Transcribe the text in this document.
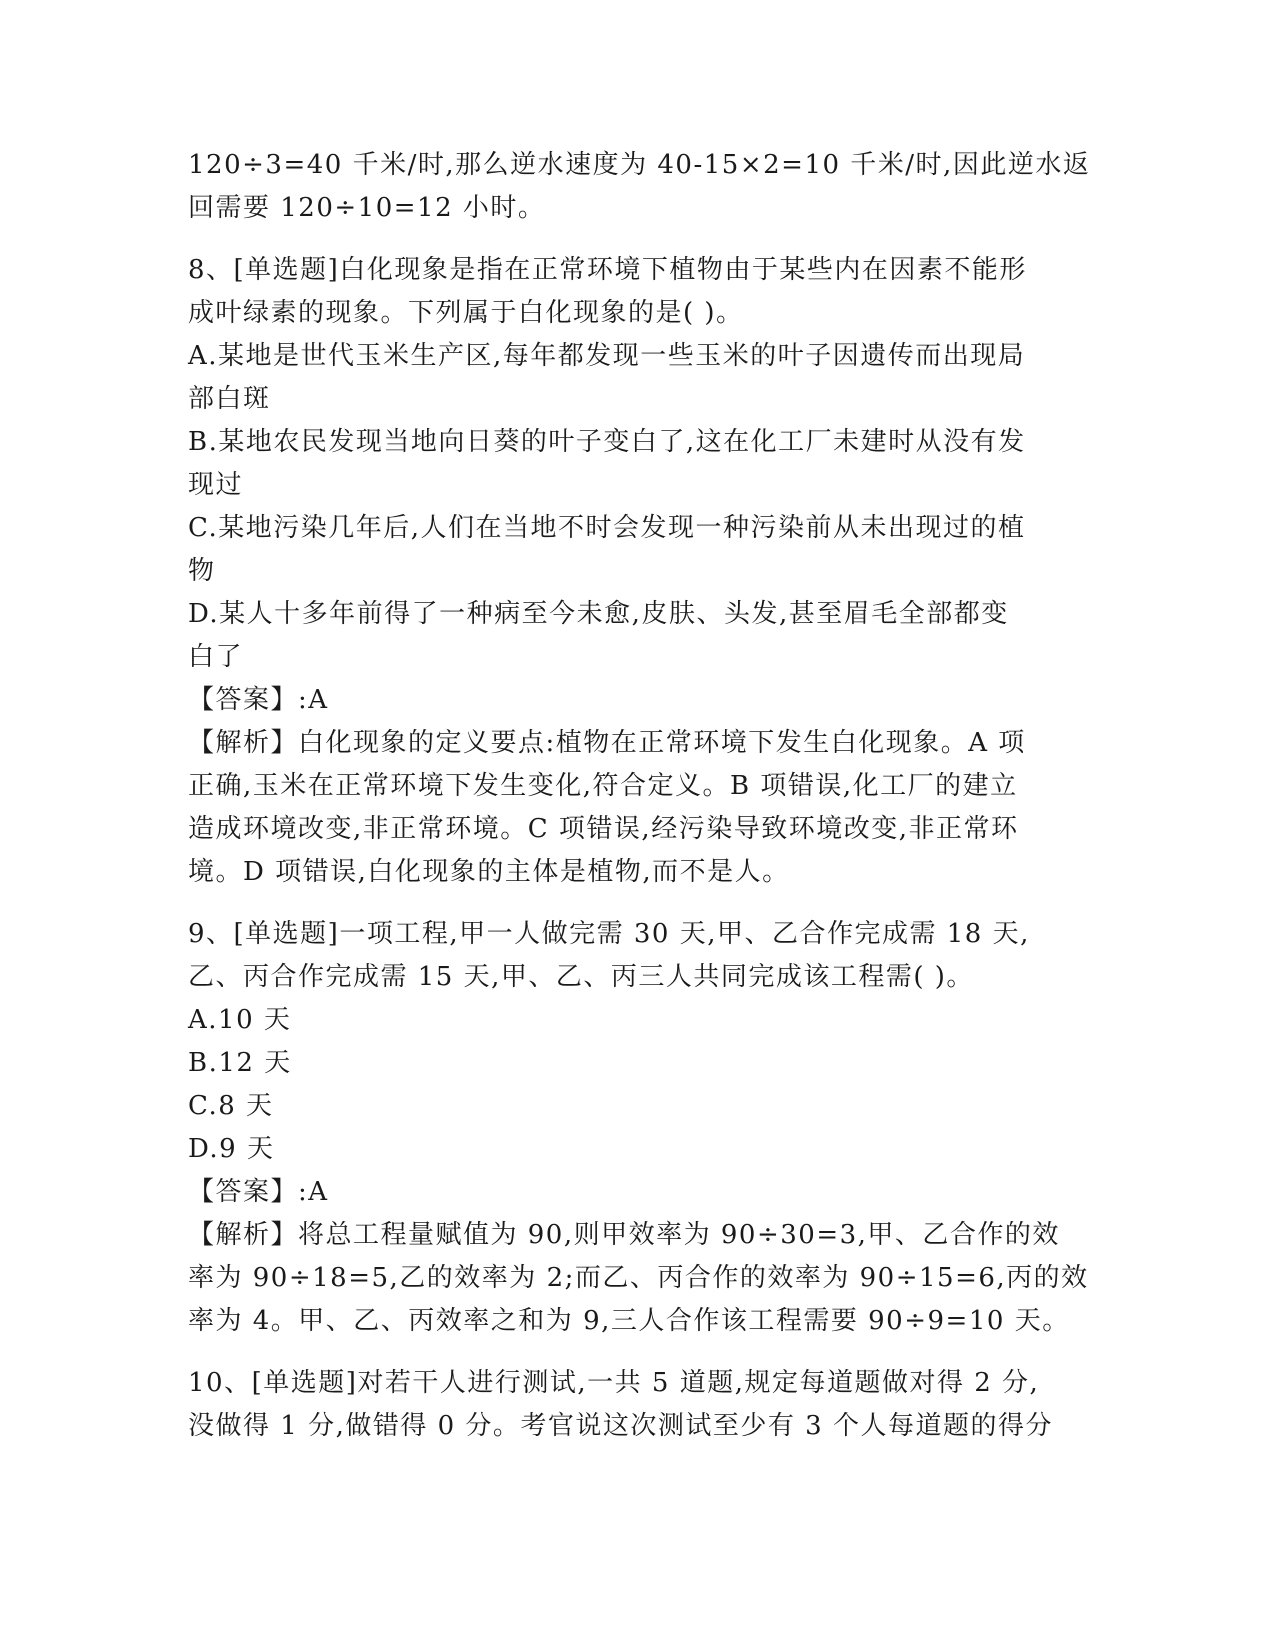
120÷3=40 千米/时,那么逆水速度为 40-15×2=10 千米/时,因此逆水返
回需要 120÷10=12 小时。
8、[单选题]白化现象是指在正常环境下植物由于某些内在因素不能形
成叶绿素的现象。下列属于白化现象的是( )。
A.某地是世代玉米生产区,每年都发现一些玉米的叶子因遗传而出现局
部白斑
B.某地农民发现当地向日葵的叶子变白了,这在化工厂未建时从没有发
现过
C.某地污染几年后,人们在当地不时会发现一种污染前从未出现过的植
物
D.某人十多年前得了一种病至今未愈,皮肤、头发,甚至眉毛全部都变
白了
【答案】:A
【解析】白化现象的定义要点:植物在正常环境下发生白化现象。A 项
正确,玉米在正常环境下发生变化,符合定义。B 项错误,化工厂的建立
造成环境改变,非正常环境。C 项错误,经污染导致环境改变,非正常环
境。D 项错误,白化现象的主体是植物,而不是人。
9、[单选题]一项工程,甲一人做完需 30 天,甲、乙合作完成需 18 天,
乙、丙合作完成需 15 天,甲、乙、丙三人共同完成该工程需( )。
A.10 天
B.12 天
C.8 天
D.9 天
【答案】:A
【解析】将总工程量赋值为 90,则甲效率为 90÷30=3,甲、乙合作的效
率为 90÷18=5,乙的效率为 2;而乙、丙合作的效率为 90÷15=6,丙的效
率为 4。甲、乙、丙效率之和为 9,三人合作该工程需要 90÷9=10 天。
10、[单选题]对若干人进行测试,一共 5 道题,规定每道题做对得 2 分,
没做得 1 分,做错得 0 分。考官说这次测试至少有 3 个人每道题的得分
